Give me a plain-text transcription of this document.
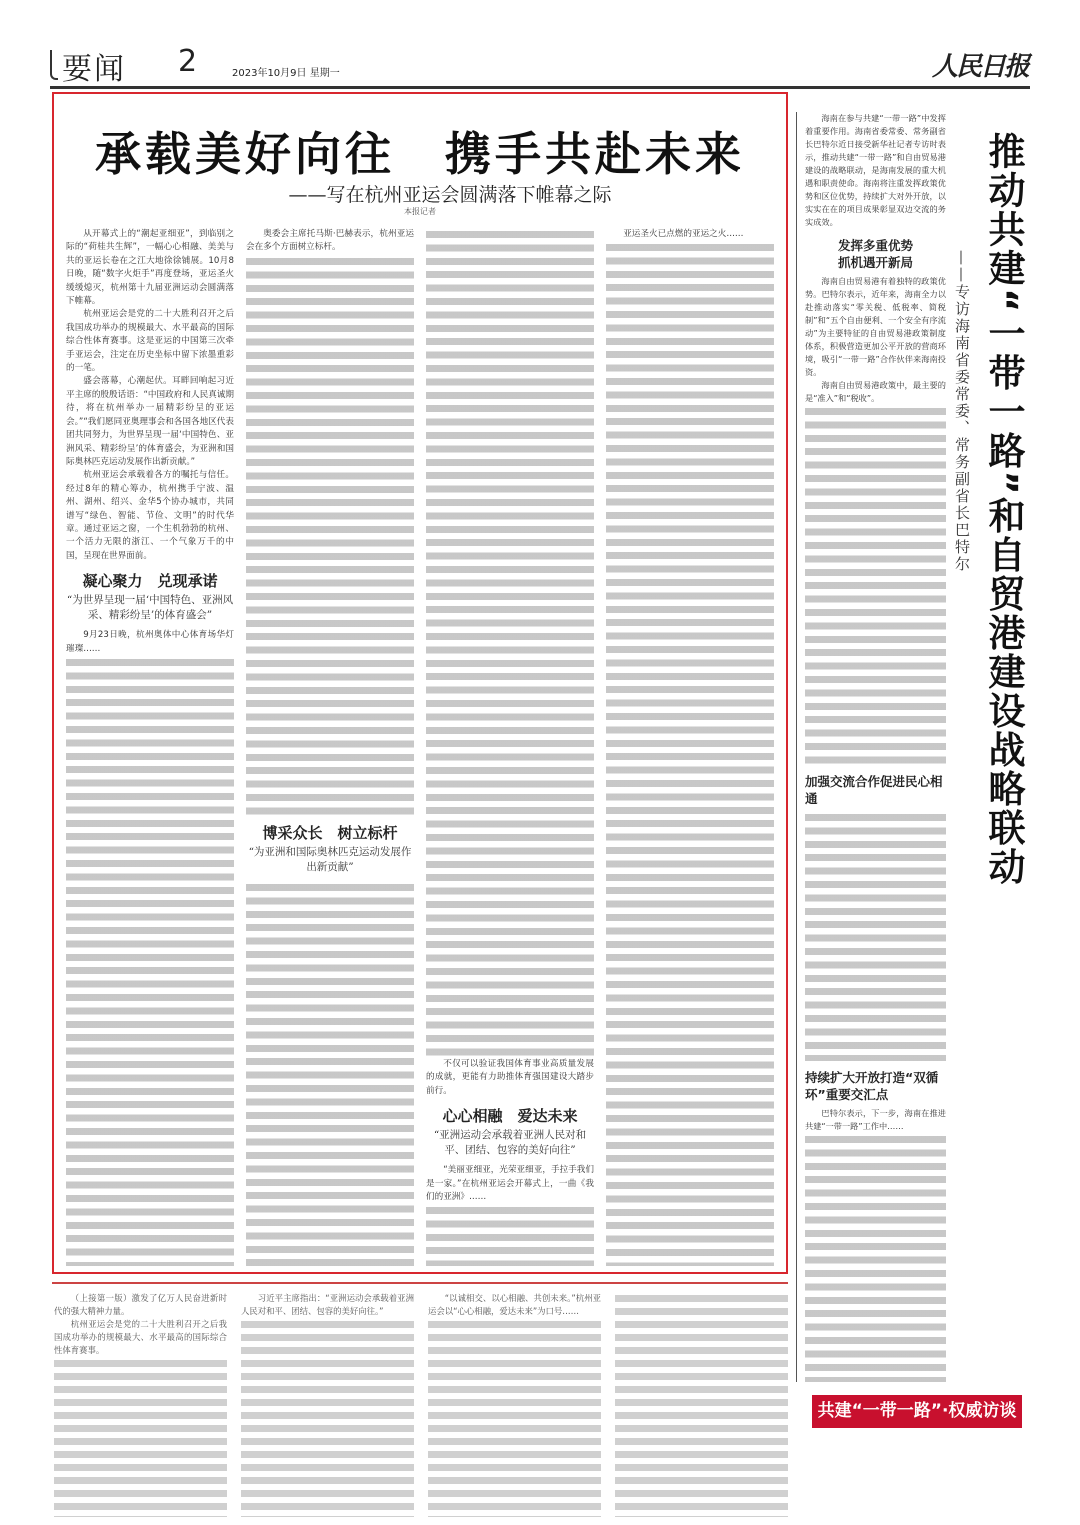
要闻 2	2023年10月9日 星期一	人民日报
承载美好向往　携手共赴未来
——写在杭州亚运会圆满落下帷幕之际
本报记者

从开幕式上的“潮起亚细亚”，到临别之际的“荷桂共生辉”，一幅心心相融、美美与共的亚运长卷在之江大地徐徐铺展。10月8日晚，随“数字火炬手”再度登场，亚运圣火缓缓熄灭，杭州第十九届亚洲运动会圆满落下帷幕。

杭州亚运会是党的二十大胜利召开之后我国成功举办的规模最大、水平最高的国际综合性体育赛事。这是亚运的中国第三次牵手亚运会，注定在历史坐标中留下浓墨重彩的一笔。

盛会落幕，心潮起伏。耳畔回响起习近平主席的殷殷话语：“中国政府和人民真诚期待，将在杭州举办一届精彩纷呈的亚运会。”“我们愿同亚奥理事会和各国各地区代表团共同努力，为世界呈现一届‘中国特色、亚洲风采、精彩纷呈’的体育盛会，为亚洲和国际奥林匹克运动发展作出新贡献。”

杭州亚运会承载着各方的嘱托与信任。经过8年的精心筹办，杭州携手宁波、温州、湖州、绍兴、金华5个协办城市，共同谱写“绿色、智能、节俭、文明”的时代华章。通过亚运之窗，一个生机勃勃的杭州、一个活力无限的浙江、一个气象万千的中国，呈现在世界面前。

凝心聚力　兑现承诺
“为世界呈现一届‘中国特色、亚洲风采、精彩纷呈’的体育盛会”

9月23日晚，杭州奥体中心体育场华灯璀璨……

奥委会主席托马斯·巴赫表示，杭州亚运会在多个方面树立标杆。

博采众长　树立标杆
“为亚洲和国际奥林匹克运动发展作出新贡献”

不仅可以验证我国体育事业高质量发展的成就，更能有力助推体育强国建设大踏步前行。

心心相融　爱达未来
“亚洲运动会承载着亚洲人民对和平、团结、包容的美好向往”

“美丽亚细亚，光荣亚细亚，手拉手我们是一家。”在杭州亚运会开幕式上，一曲《我们的亚洲》……

亚运圣火已点燃的亚运之火……

海南在参与共建“一带一路”中发挥着重要作用。海南省委常委、常务副省长巴特尔近日接受新华社记者专访时表示，推动共建“一带一路”和自由贸易港建设的战略联动，是海南发展的重大机遇和职责使命。海南将注重发挥政策优势和区位优势，持续扩大对外开放，以实实在在的项目成果彰显双边交流的务实成效。

发挥多重优势
抓机遇开新局

海南自由贸易港有着独特的政策优势。巴特尔表示，近年来，海南全力以赴推动落实“零关税、低税率、简税制”和“五个自由便利、一个安全有序流动”为主要特征的自由贸易港政策制度体系，积极营造更加公平开放的营商环境，吸引“一带一路”合作伙伴来海南投资。

海南自由贸易港政策中，最主要的是“准入”和“税收”。

加强交流合作促进民心相通
持续扩大开放打造“双循环”重要交汇点

巴特尔表示，下一步，海南在推进共建“一带一路”工作中……

推动共建“一带一路”和自贸港建设战略联动
——专访海南省委常委、常务副省长巴特尔
共建“一带一路”·权威访谈

（上接第一版）激发了亿万人民奋进新时代的强大精神力量。

杭州亚运会是党的二十大胜利召开之后我国成功举办的规模最大、水平最高的国际综合性体育赛事。

习近平主席指出：“亚洲运动会承载着亚洲人民对和平、团结、包容的美好向往。”

“以诚相交、以心相融、共创未来。”杭州亚运会以“心心相融，爱达未来”为口号……
